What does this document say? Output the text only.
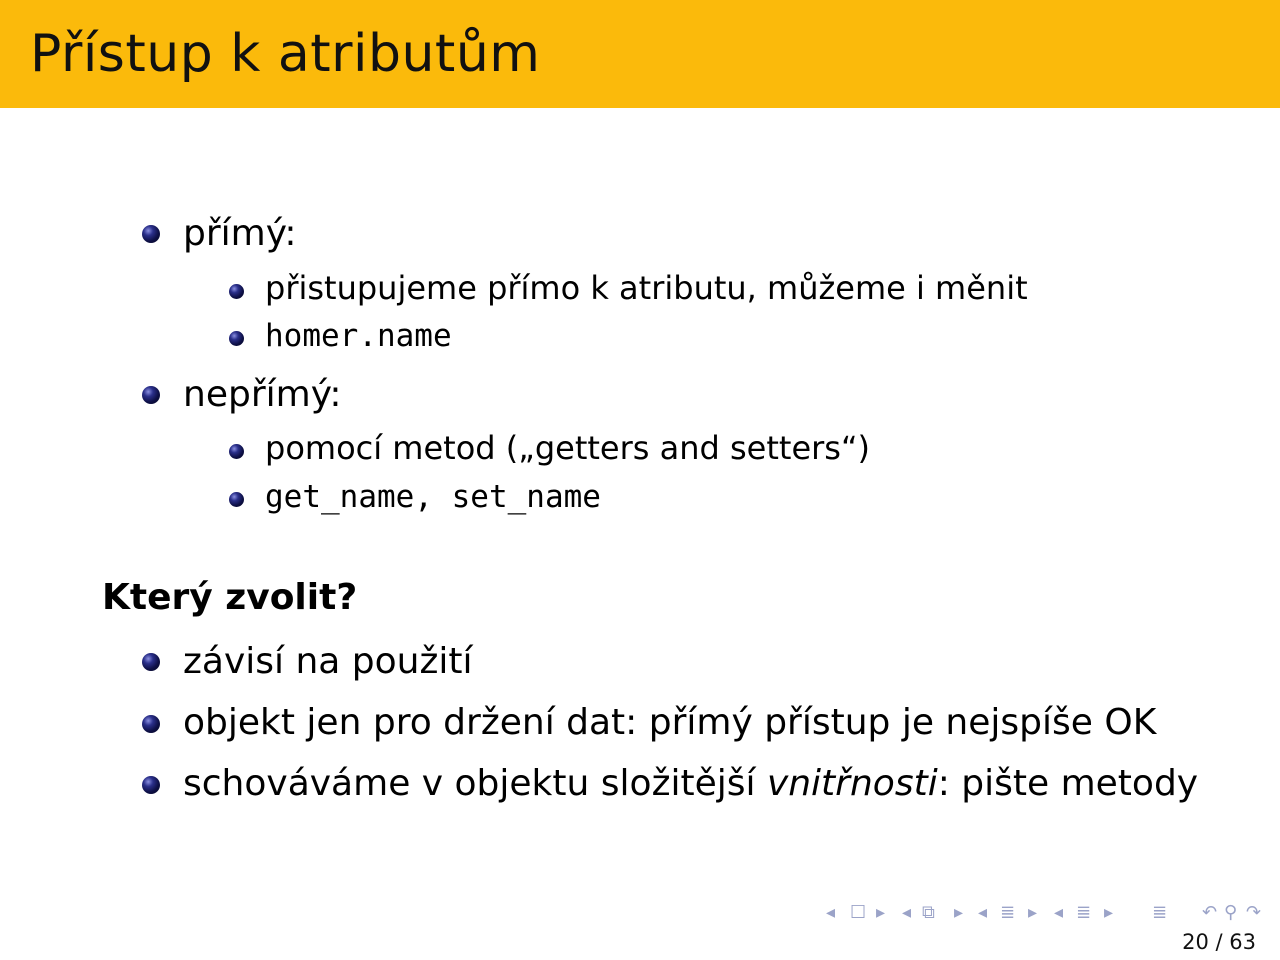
Přístup k atributům
přímý:
přistupujeme přímo k atributu, můžeme i měnit
homer.name
nepřímý:
pomocí metod („getters and setters“)
get_name, set_name
Který zvolit?
závisí na použití
objekt jen pro držení dat: přímý přístup je nejspíše OK
schováváme v objektu složitější vnitřnosti: pište metody
◂ ☐ ▸ ◂ ⧉ ▸ ◂ ≣ ▸ ◂ ≣ ▸ ≣ ↶ ⚲ ↷
20 / 63
